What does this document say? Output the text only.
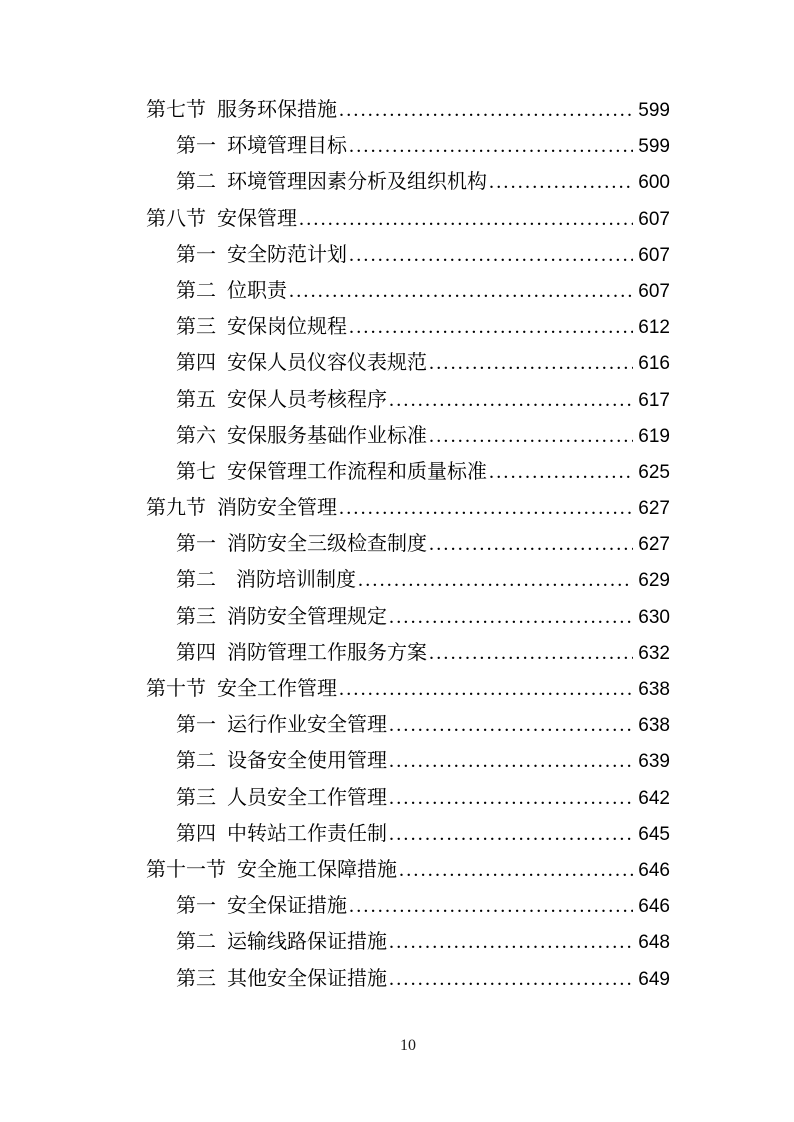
第七节 服务环保措施 .....	599
第一 环境管理目标 .....	599
第二 环境管理因素分析及组织机构 .....	600
第八节 安保管理 .....	607
第一 安全防范计划 .....	607
第二 位职责 .....	607
第三 安保岗位规程 .....	612
第四 安保人员仪容仪表规范 .....	616
第五 安保人员考核程序 .....	617
第六 安保服务基础作业标准 .....	619
第七 安保管理工作流程和质量标准 .....	625
第九节 消防安全管理 .....	627
第一 消防安全三级检查制度 .....	627
第二　消防培训制度 .....	629
第三 消防安全管理规定 .....	630
第四 消防管理工作服务方案 .....	632
第十节 安全工作管理 .....	638
第一 运行作业安全管理 .....	638
第二 设备安全使用管理 .....	639
第三 人员安全工作管理 .....	642
第四 中转站工作责任制 .....	645
第十一节 安全施工保障措施 .....	646
第一 安全保证措施 .....	646
第二 运输线路保证措施 .....	648
第三 其他安全保证措施 .....	649
10
